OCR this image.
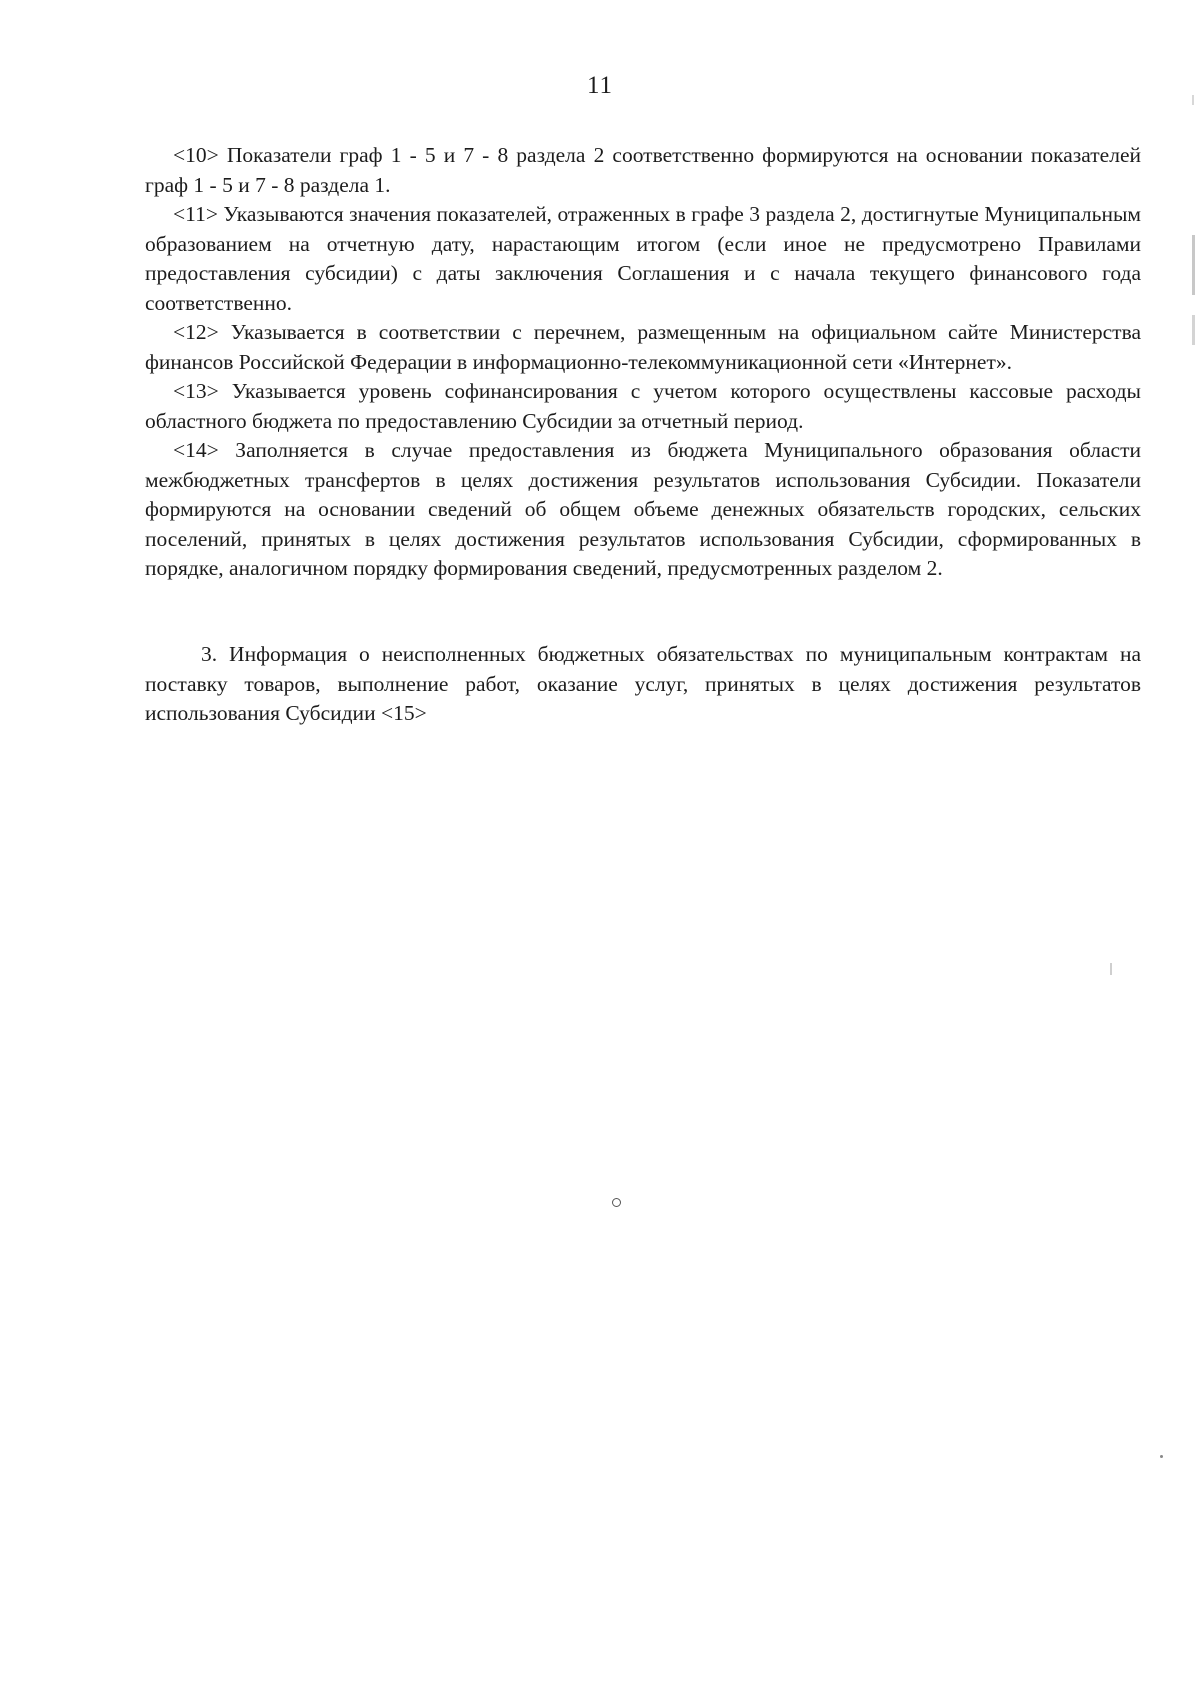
11

<10> Показатели граф 1 - 5 и 7 - 8 раздела 2 соответственно формируются на основании показателей граф 1 - 5 и 7 - 8 раздела 1.

<11> Указываются значения показателей, отраженных в графе 3 раздела 2, достигнутые Муниципальным образованием на отчетную дату, нарастающим итогом (если иное не предусмотрено Правилами предоставления субсидии) с даты заключения Соглашения и с начала текущего финансового года соответственно.

<12> Указывается в соответствии с перечнем, размещенным на официальном сайте Министерства финансов Российской Федерации в информационно-телекоммуникационной сети «Интернет».

<13> Указывается уровень софинансирования с учетом которого осуществлены кассовые расходы областного бюджета по предоставлению Субсидии за отчетный период.

<14> Заполняется в случае предоставления из бюджета Муниципального образования области межбюджетных трансфертов в целях достижения результатов использования Субсидии. Показатели формируются на основании сведений об общем объеме денежных обязательств городских, сельских поселений, принятых в целях достижения результатов использования Субсидии, сформированных в порядке, аналогичном порядку формирования сведений, предусмотренных разделом 2.

3. Информация о неисполненных бюджетных обязательствах по муниципальным контрактам на поставку товаров, выполнение работ, оказание услуг, принятых в целях достижения результатов использования Субсидии <15>
